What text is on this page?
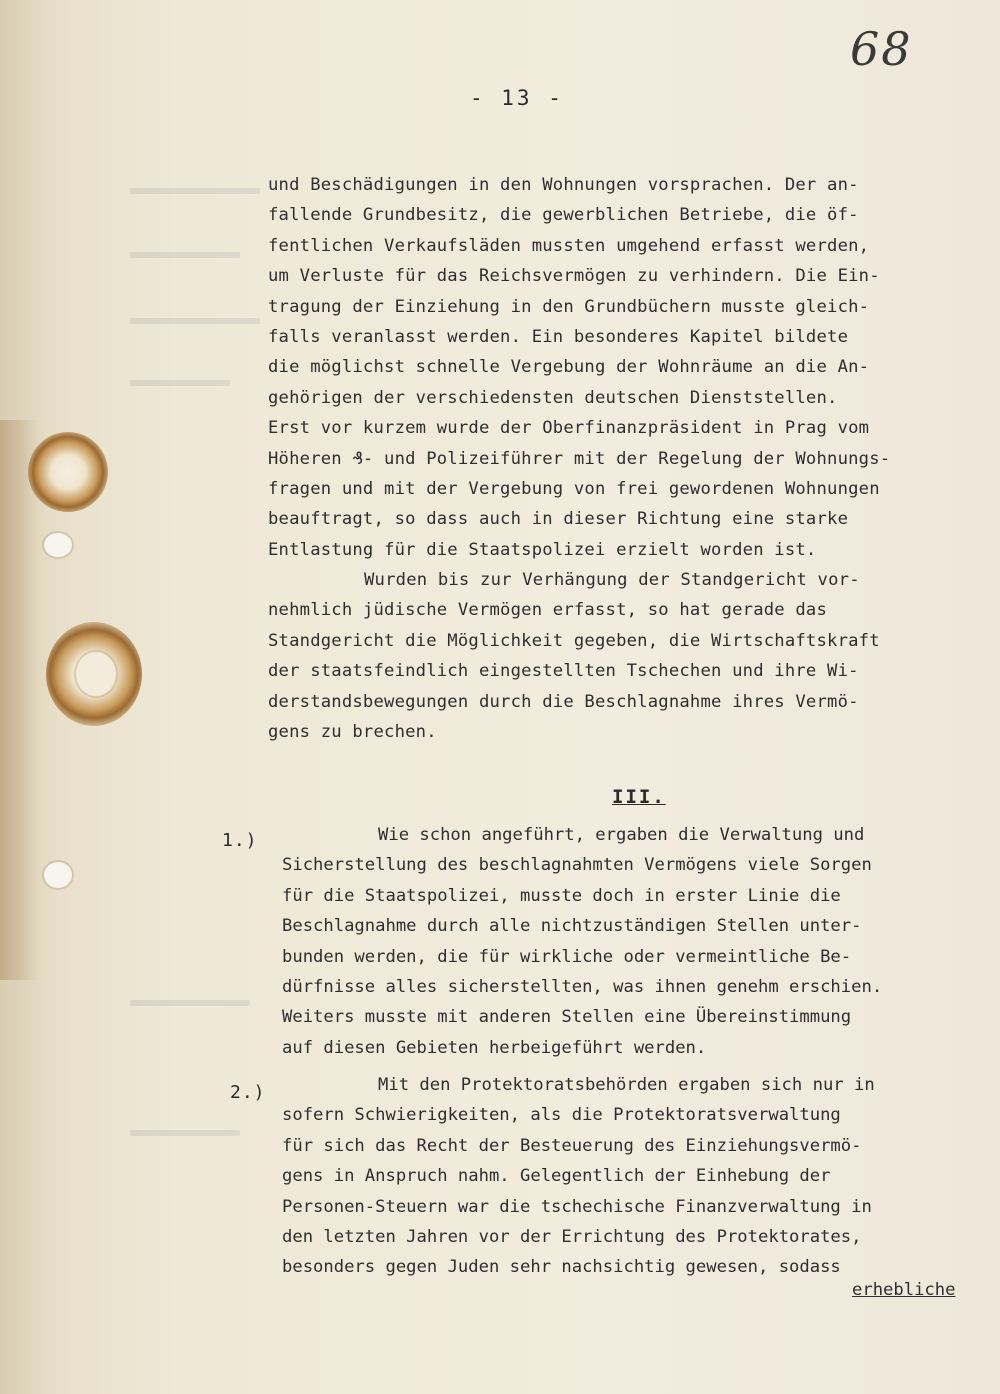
68
- 13 -
und Beschädigungen in den Wohnungen vorsprachen. Der an-
fallende Grundbesitz, die gewerblichen Betriebe, die öf-
fentlichen Verkaufsläden mussten umgehend erfasst werden,
um Verluste für das Reichsvermögen zu verhindern. Die Ein-
tragung der Einziehung in den Grundbüchern musste gleich-
falls veranlasst werden. Ein besonderes Kapitel bildete
die möglichst schnelle Vergebung der Wohnräume an die An-
gehörigen der verschiedensten deutschen Dienststellen.
Erst vor kurzem wurde der Oberfinanzpräsident in Prag vom
Höheren ₰- und Polizeiführer mit der Regelung der Wohnungs-
fragen und mit der Vergebung von frei gewordenen Wohnungen
beauftragt, so dass auch in dieser Richtung eine starke
Entlastung für die Staatspolizei erzielt worden ist.
Wurden bis zur Verhängung der Standgericht vor-
nehmlich jüdische Vermögen erfasst, so hat gerade das
Standgericht die Möglichkeit gegeben, die Wirtschaftskraft
der staatsfeindlich eingestellten Tschechen und ihre Wi-
derstandsbewegungen durch die Beschlagnahme ihres Vermö-
gens zu brechen.
III.
1.)	Wie schon angeführt, ergaben die Verwaltung und
Sicherstellung des beschlagnahmten Vermögens viele Sorgen
für die Staatspolizei, musste doch in erster Linie die
Beschlagnahme durch alle nichtzuständigen Stellen unter-
bunden werden, die für wirkliche oder vermeintliche Be-
dürfnisse alles sicherstellten, was ihnen genehm erschien.
Weiters musste mit anderen Stellen eine Übereinstimmung
auf diesen Gebieten herbeigeführt werden.
2.)	Mit den Protektoratsbehörden ergaben sich nur in
sofern Schwierigkeiten, als die Protektoratsverwaltung
für sich das Recht der Besteuerung des Einziehungsvermö-
gens in Anspruch nahm. Gelegentlich der Einhebung der
Personen-Steuern war die tschechische Finanzverwaltung in
den letzten Jahren vor der Errichtung des Protektorates,
besonders gegen Juden sehr nachsichtig gewesen, sodass
erhebliche
